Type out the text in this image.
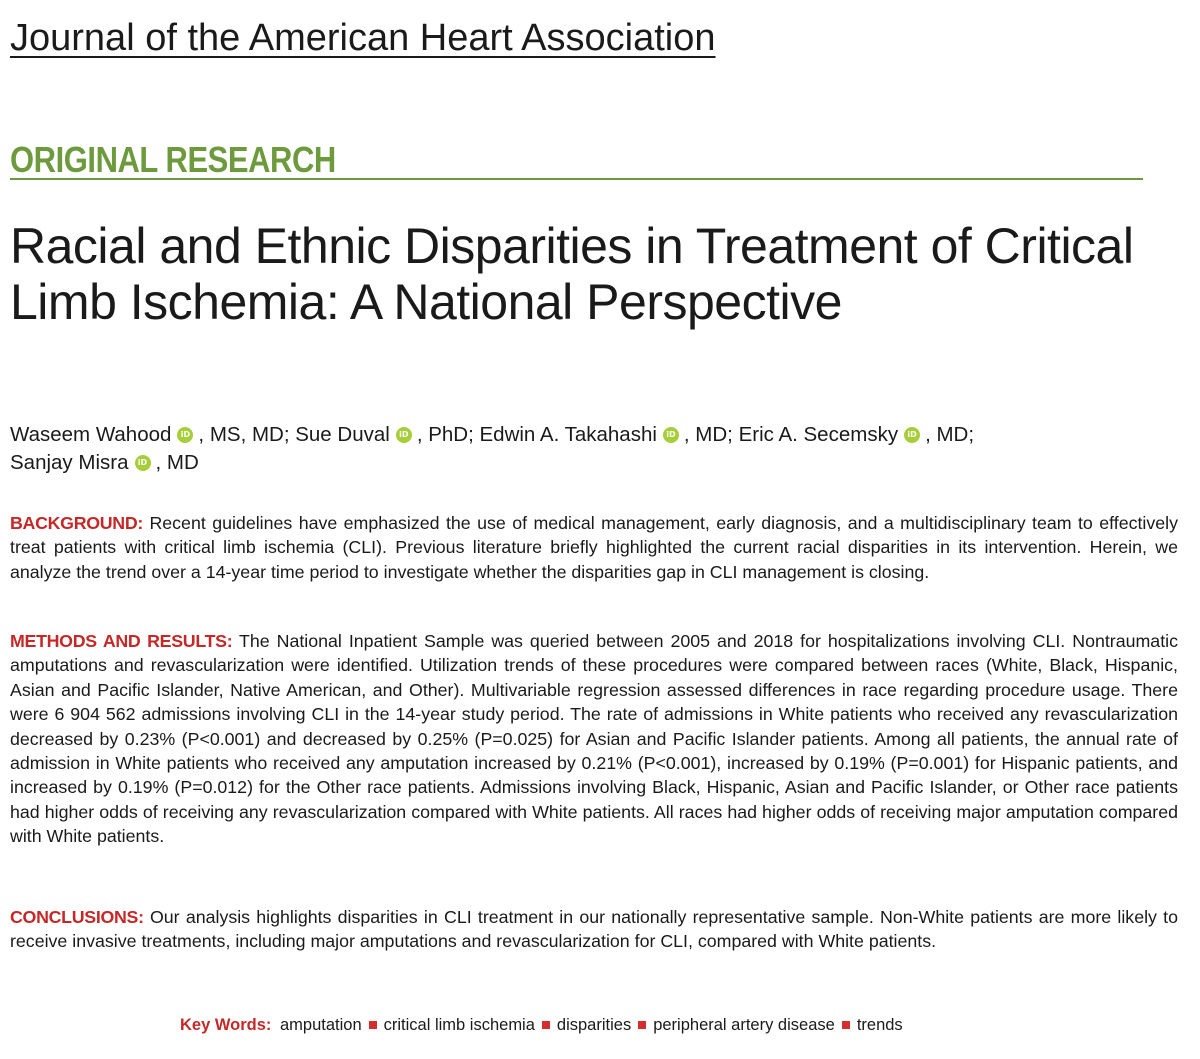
Journal of the American Heart Association
ORIGINAL RESEARCH
Racial and Ethnic Disparities in Treatment of Critical Limb Ischemia: A National Perspective
Waseem Wahood iD , MS, MD; Sue Duval iD , PhD; Edwin A. Takahashi iD , MD; Eric A. Secemsky iD , MD;
Sanjay Misra iD , MD

BACKGROUND: Recent guidelines have emphasized the use of medical management, early diagnosis, and a multidisciplinary team to effectively treat patients with critical limb ischemia (CLI). Previous literature briefly highlighted the current racial disparities in its intervention. Herein, we analyze the trend over a 14-year time period to investigate whether the disparities gap in CLI management is closing.

METHODS AND RESULTS: The National Inpatient Sample was queried between 2005 and 2018 for hospitalizations involving CLI. Nontraumatic amputations and revascularization were identified. Utilization trends of these procedures were compared between races (White, Black, Hispanic, Asian and Pacific Islander, Native American, and Other). Multivariable regression assessed differences in race regarding procedure usage. There were 6 904 562 admissions involving CLI in the 14-year study period. The rate of admissions in White patients who received any revascularization decreased by 0.23% (P<0.001) and decreased by 0.25% (P=0.025) for Asian and Pacific Islander patients. Among all patients, the annual rate of admission in White patients who received any amputation increased by 0.21% (P<0.001), increased by 0.19% (P=0.001) for Hispanic patients, and increased by 0.19% (P=0.012) for the Other race patients. Admissions involving Black, Hispanic, Asian and Pacific Islander, or Other race patients had higher odds of receiving any revascularization compared with White patients. All races had higher odds of receiving major amputation compared with White patients.

CONCLUSIONS: Our analysis highlights disparities in CLI treatment in our nationally representative sample. Non-White patients are more likely to receive invasive treatments, including major amputations and revascularization for CLI, compared with White patients.

Key Words: amputation critical limb ischemia disparities peripheral artery disease trends
